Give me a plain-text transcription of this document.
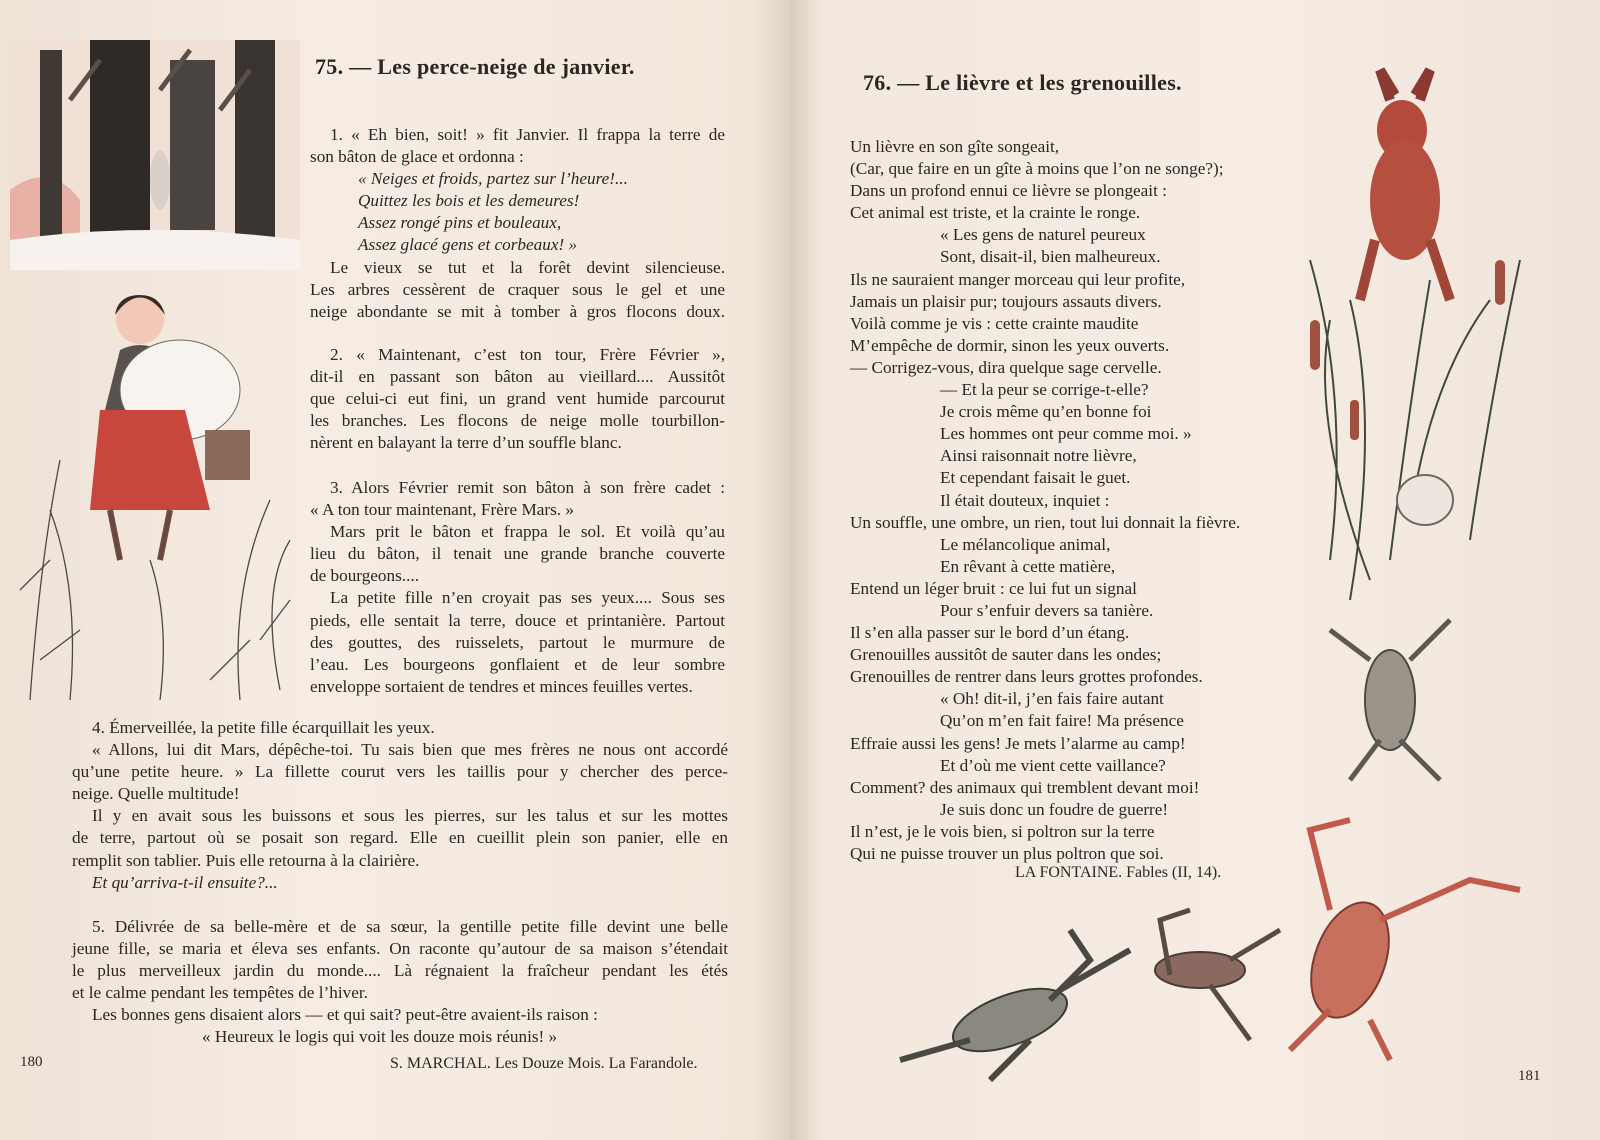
75. — Les perce-neige de janvier.
1. « Eh bien, soit! » fit Janvier. Il frappa la terre de
son bâton de glace et ordonna :
« Neiges et froids, partez sur l’heure!...
Quittez les bois et les demeures!
Assez rongé pins et bouleaux,
Assez glacé gens et corbeaux! »
Le vieux se tut et la forêt devint silencieuse.
Les arbres cessèrent de craquer sous le gel et une
neige abondante se mit à tomber à gros flocons doux.
2. « Maintenant, c’est ton tour, Frère Février »,
dit-il en passant son bâton au vieillard.... Aussitôt
que celui-ci eut fini, un grand vent humide parcourut
les branches. Les flocons de neige molle tourbillon-
nèrent en balayant la terre d’un souffle blanc.
3. Alors Février remit son bâton à son frère cadet :
« A ton tour maintenant, Frère Mars. »
Mars prit le bâton et frappa le sol. Et voilà qu’au
lieu du bâton, il tenait une grande branche couverte
de bourgeons....
La petite fille n’en croyait pas ses yeux.... Sous ses
pieds, elle sentait la terre, douce et printanière. Partout
des gouttes, des ruisselets, partout le murmure de
l’eau. Les bourgeons gonflaient et de leur sombre
enveloppe sortaient de tendres et minces feuilles vertes.
4. Émerveillée, la petite fille écarquillait les yeux.
« Allons, lui dit Mars, dépêche-toi. Tu sais bien que mes frères ne nous ont accordé
qu’une petite heure. » La fillette courut vers les taillis pour y chercher des perce-
neige. Quelle multitude!
Il y en avait sous les buissons et sous les pierres, sur les talus et sur les mottes
de terre, partout où se posait son regard. Elle en cueillit plein son panier, elle en
remplit son tablier. Puis elle retourna à la clairière.
Et qu’arriva-t-il ensuite?...
5. Délivrée de sa belle-mère et de sa sœur, la gentille petite fille devint une belle
jeune fille, se maria et éleva ses enfants. On raconte qu’autour de sa maison s’étendait
le plus merveilleux jardin du monde.... Là régnaient la fraîcheur pendant les étés
et le calme pendant les tempêtes de l’hiver.
Les bonnes gens disaient alors — et qui sait? peut-être avaient-ils raison :
« Heureux le logis qui voit les douze mois réunis! »
S. MARCHAL. Les Douze Mois. La Farandole.
180
76. — Le lièvre et les grenouilles.
Un lièvre en son gîte songeait,
(Car, que faire en un gîte à moins que l’on ne songe?);
Dans un profond ennui ce lièvre se plongeait :
Cet animal est triste, et la crainte le ronge.
« Les gens de naturel peureux
Sont, disait-il, bien malheureux.
Ils ne sauraient manger morceau qui leur profite,
Jamais un plaisir pur; toujours assauts divers.
Voilà comme je vis : cette crainte maudite
M’empêche de dormir, sinon les yeux ouverts.
— Corrigez-vous, dira quelque sage cervelle.
— Et la peur se corrige-t-elle?
Je crois même qu’en bonne foi
Les hommes ont peur comme moi. »
Ainsi raisonnait notre lièvre,
Et cependant faisait le guet.
Il était douteux, inquiet :
Un souffle, une ombre, un rien, tout lui donnait la fièvre.
Le mélancolique animal,
En rêvant à cette matière,
Entend un léger bruit : ce lui fut un signal
Pour s’enfuir devers sa tanière.
Il s’en alla passer sur le bord d’un étang.
Grenouilles aussitôt de sauter dans les ondes;
Grenouilles de rentrer dans leurs grottes profondes.
« Oh! dit-il, j’en fais faire autant
Qu’on m’en fait faire! Ma présence
Effraie aussi les gens! Je mets l’alarme au camp!
Et d’où me vient cette vaillance?
Comment? des animaux qui tremblent devant moi!
Je suis donc un foudre de guerre!
Il n’est, je le vois bien, si poltron sur la terre
Qui ne puisse trouver un plus poltron que soi.
LA FONTAINE. Fables (II, 14).
181
